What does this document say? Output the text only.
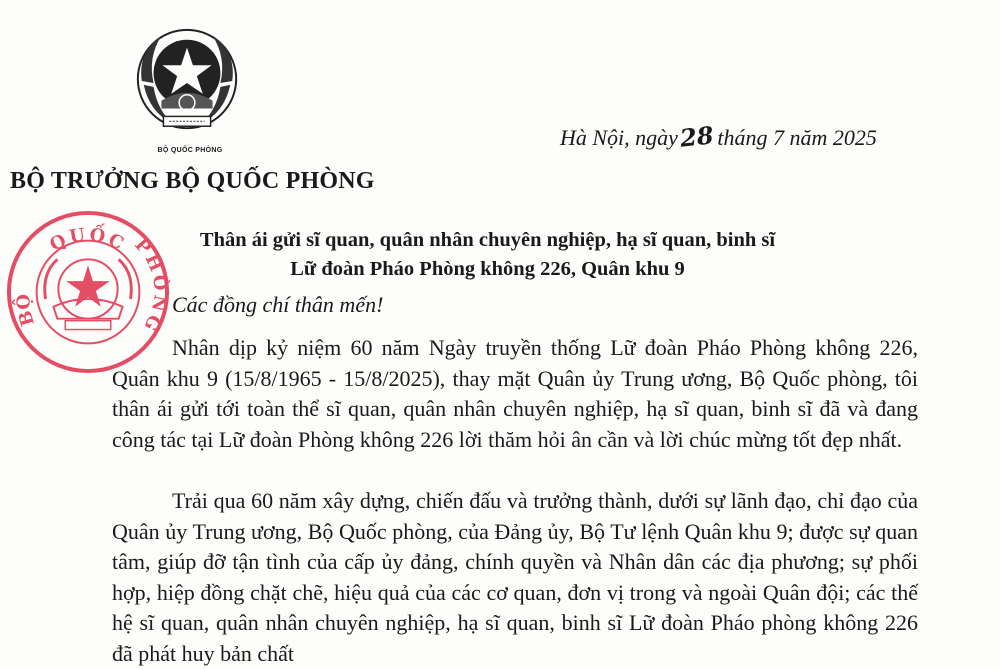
BỘ QUỐC PHÒNG
Hà Nội, ngày28 tháng 7 năm 2025
BỘ TRƯỞNG BỘ QUỐC PHÒNG
QUỐC PHÒNG
BỘ
Thân ái gửi sĩ quan, quân nhân chuyên nghiệp, hạ sĩ quan, binh sĩ
Lữ đoàn Pháo Phòng không 226, Quân khu 9
Các đồng chí thân mến!

Nhân dịp kỷ niệm 60 năm Ngày truyền thống Lữ đoàn Pháo Phòng không 226, Quân khu 9 (15/8/1965 - 15/8/2025), thay mặt Quân ủy Trung ương, Bộ Quốc phòng, tôi thân ái gửi tới toàn thể sĩ quan, quân nhân chuyên nghiệp, hạ sĩ quan, binh sĩ đã và đang công tác tại Lữ đoàn Phòng không 226 lời thăm hỏi ân cần và lời chúc mừng tốt đẹp nhất.

Trải qua 60 năm xây dựng, chiến đấu và trưởng thành, dưới sự lãnh đạo, chỉ đạo của Quân ủy Trung ương, Bộ Quốc phòng, của Đảng ủy, Bộ Tư lệnh Quân khu 9; được sự quan tâm, giúp đỡ tận tình của cấp ủy đảng, chính quyền và Nhân dân các địa phương; sự phối hợp, hiệp đồng chặt chẽ, hiệu quả của các cơ quan, đơn vị trong và ngoài Quân đội; các thế hệ sĩ quan, quân nhân chuyên nghiệp, hạ sĩ quan, binh sĩ Lữ đoàn Pháo phòng không 226 đã phát huy bản chất
